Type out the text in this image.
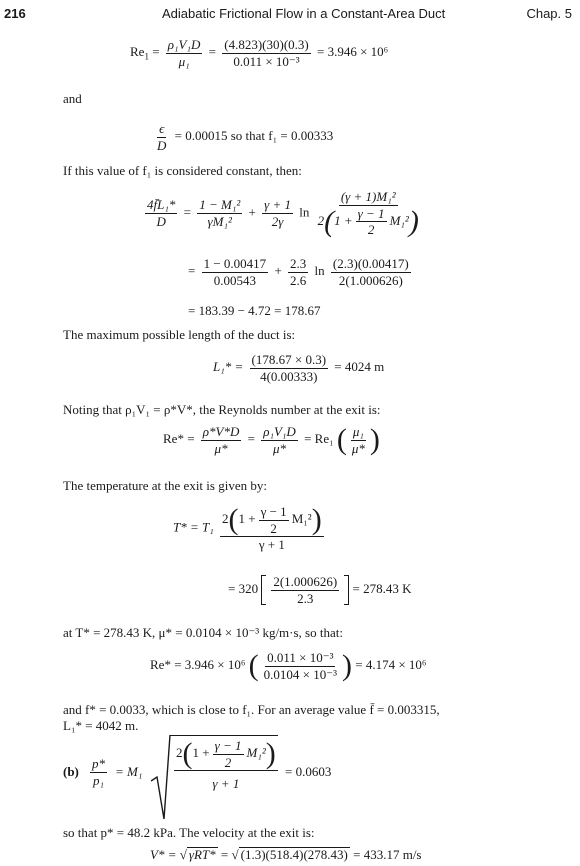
216	Adiabatic Frictional Flow in a Constant-Area Duct	Chap. 5
$Re_1 = \frac{\text{ρ₁V₁D}}{\text{μ₁}} = \frac{(4.823)(30)(0.3)}{\text{0.011 × 10⁻³}} = 3.946 \times 10^6$
and
$\frac{\epsilon}{D} = 0.00015$ so that f₁ = 0.00333
If this value of f₁ is considered constant, then:
$\frac{\text{4f̄L₁*}}{D} = \frac{\text{1 − M₁²}}{\text{γM₁²}} + \frac{\gamma + 1}{2\gamma}$ $\ln \frac{\text{(γ + 1)M₁²}}{2(1 + \frac{\gamma - 1}{2} M_1^2)}$
= $\frac{1 - 0.00417}{0.00543} + \frac{2.3}{2.6}$ $\ln \frac{(2.3)(0.00417)}{2(1.000626)}$
= 183.39 − 4.72 = 178.67
The maximum possible length of the duct is:
$L_1* = \frac{(178.67 \times 0.3)}{4(0.00333)} = 4024$ m
Noting that ρ₁V₁ = ρ*V*, the Reynolds number at the exit is:
$Re* = \frac{\rho*V*D}{\mu*} = \frac{\text{ρ₁V₁D}}{\mu*} = Re_1$ ( $\frac{\text{μ₁}}{\mu*}$ )
The temperature at the exit is given by:
$T* = T_1 \frac{2(1 + \frac{\gamma - 1}{2} M_1^2)}{\gamma + 1}$
= $320 \frac{2(1.000626)}{2.3} = 278.43$ K
at T* = 278.43 K, μ* = 0.0104 × 10⁻³ kg/m·s, so that:
Re* = 3.946 × 10⁶ ( $\frac{\text{0.011 × 10⁻³}}{\text{0.0104 × 10⁻³}}$ ) = 4.174 × 10⁶
and f* = 0.0033, which is close to f₁. For an average value f̄ = 0.003315,
L₁* = 4042 m.
$(b) \frac{p*}{\text{p₁}} = M_1 \frac{2(1 + \frac{\gamma - 1}{2} M_1^2)}{\gamma + 1} = 0.0603$
so that p* = 48.2 kPa. The velocity at the exit is:
V* = √ γRT* = √ (1.3)(518.4)(278.43) = 433.17 m/s
